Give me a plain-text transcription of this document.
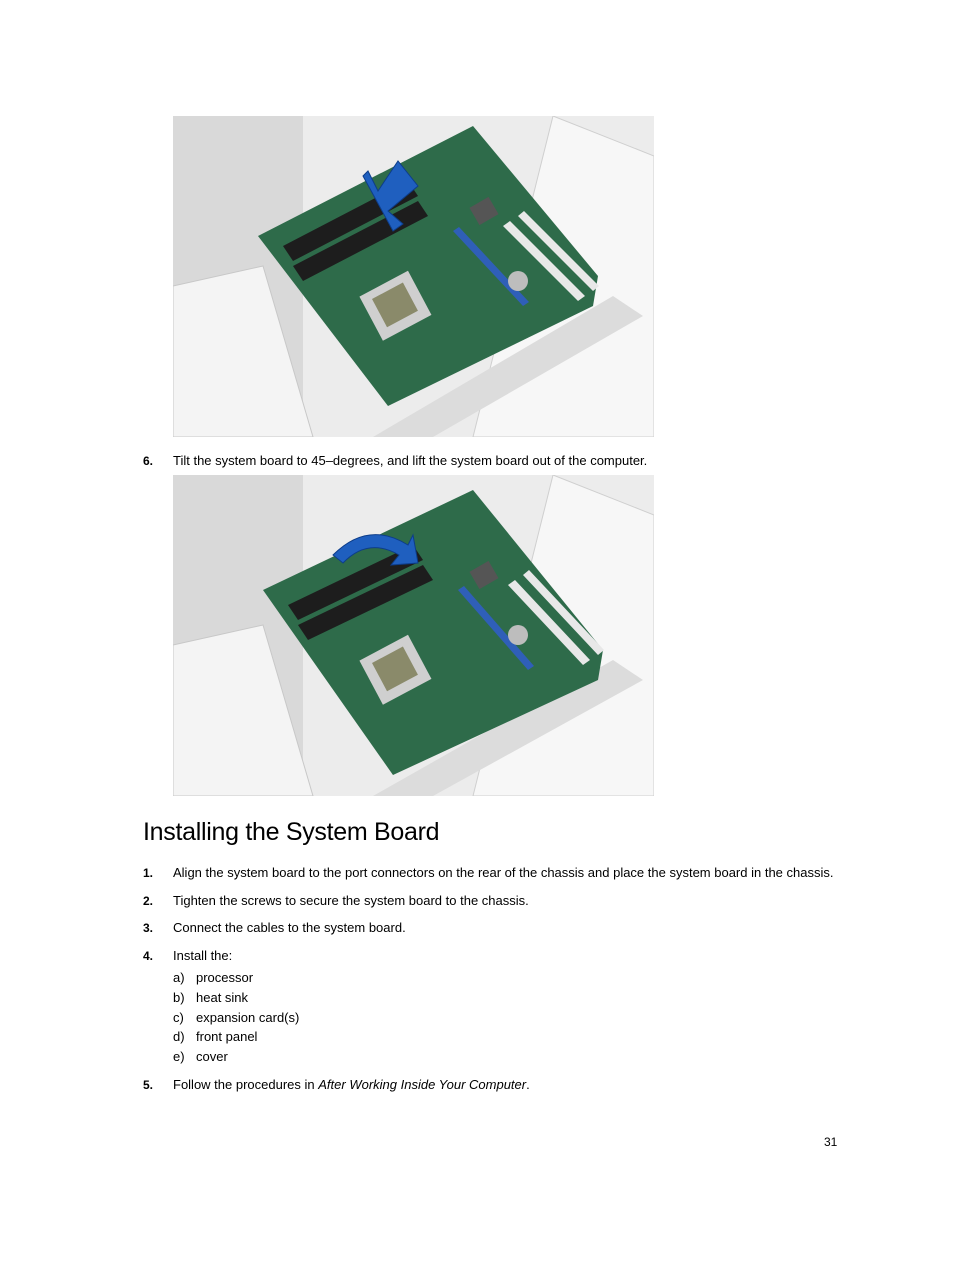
6. Tilt the system board to 45–degrees, and lift the system board out of the computer.
Installing the System Board
1. Align the system board to the port connectors on the rear of the chassis and place the system board in the chassis.
2. Tighten the screws to secure the system board to the chassis.
3. Connect the cables to the system board.
4. Install the:
a) processor
b) heat sink
c) expansion card(s)
d) front panel
e) cover
5. Follow the procedures in After Working Inside Your Computer.
31
